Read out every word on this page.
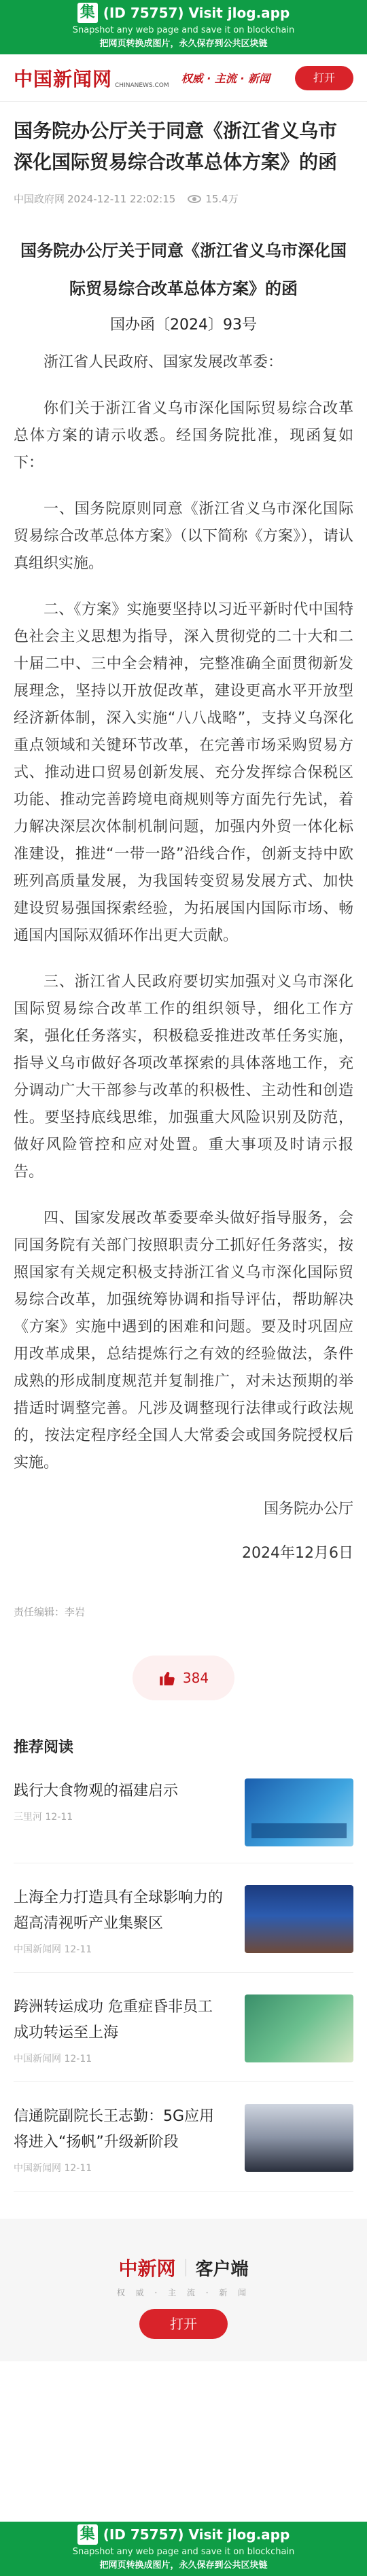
集 (ID 75757) Visit jlog.app
Snapshot any web page and save it on blockchain
把网页转换成图片，永久保存到公共区块链
中国新闻网 CHINANEWS.COM
权威 · 主流 · 新闻	打开
国务院办公厅关于同意《浙江省义乌市深化国际贸易综合改革总体方案》的函
中国政府网 2024-12-11 22:02:15	15.4万
国务院办公厅关于同意《浙江省义乌市深化国际贸易综合改革总体方案》的函
国办函〔2024〕93号
浙江省人民政府、国家发展改革委：
你们关于浙江省义乌市深化国际贸易综合改革总体方案的请示收悉。经国务院批准，现函复如下：
一、国务院原则同意《浙江省义乌市深化国际贸易综合改革总体方案》（以下简称《方案》），请认真组织实施。
二、《方案》实施要坚持以习近平新时代中国特色社会主义思想为指导，深入贯彻党的二十大和二十届二中、三中全会精神，完整准确全面贯彻新发展理念，坚持以开放促改革，建设更高水平开放型经济新体制，深入实施“八八战略”，支持义乌深化重点领域和关键环节改革，在完善市场采购贸易方式、推动进口贸易创新发展、充分发挥综合保税区功能、推动完善跨境电商规则等方面先行先试，着力解决深层次体制机制问题，加强内外贸一体化标准建设，推进“一带一路”沿线合作，创新支持中欧班列高质量发展，为我国转变贸易发展方式、加快建设贸易强国探索经验，为拓展国内国际市场、畅通国内国际双循环作出更大贡献。
三、浙江省人民政府要切实加强对义乌市深化国际贸易综合改革工作的组织领导，细化工作方案，强化任务落实，积极稳妥推进改革任务实施，指导义乌市做好各项改革探索的具体落地工作，充分调动广大干部参与改革的积极性、主动性和创造性。要坚持底线思维，加强重大风险识别及防范，做好风险管控和应对处置。重大事项及时请示报告。
四、国家发展改革委要牵头做好指导服务，会同国务院有关部门按照职责分工抓好任务落实，按照国家有关规定积极支持浙江省义乌市深化国际贸易综合改革，加强统筹协调和指导评估，帮助解决《方案》实施中遇到的困难和问题。要及时巩固应用改革成果，总结提炼行之有效的经验做法，条件成熟的形成制度规范并复制推广，对未达预期的举措适时调整完善。凡涉及调整现行法律或行政法规的，按法定程序经全国人大常委会或国务院授权后实施。
国务院办公厅
2024年12月6日
责任编辑：李岩
384
推荐阅读
践行大食物观的福建启示
三里河 12-11
上海全力打造具有全球影响力的超高清视听产业集聚区
中国新闻网 12-11
跨洲转运成功 危重症昏非员工成功转运至上海
中国新闻网 12-11
信通院副院长王志勤：5G应用将进入“扬帆”升级新阶段
中国新闻网 12-11
中新网 客户端
权 威 · 主 流 · 新 闻
打开
集 (ID 75757) Visit jlog.app
Snapshot any web page and save it on blockchain
把网页转换成图片，永久保存到公共区块链
